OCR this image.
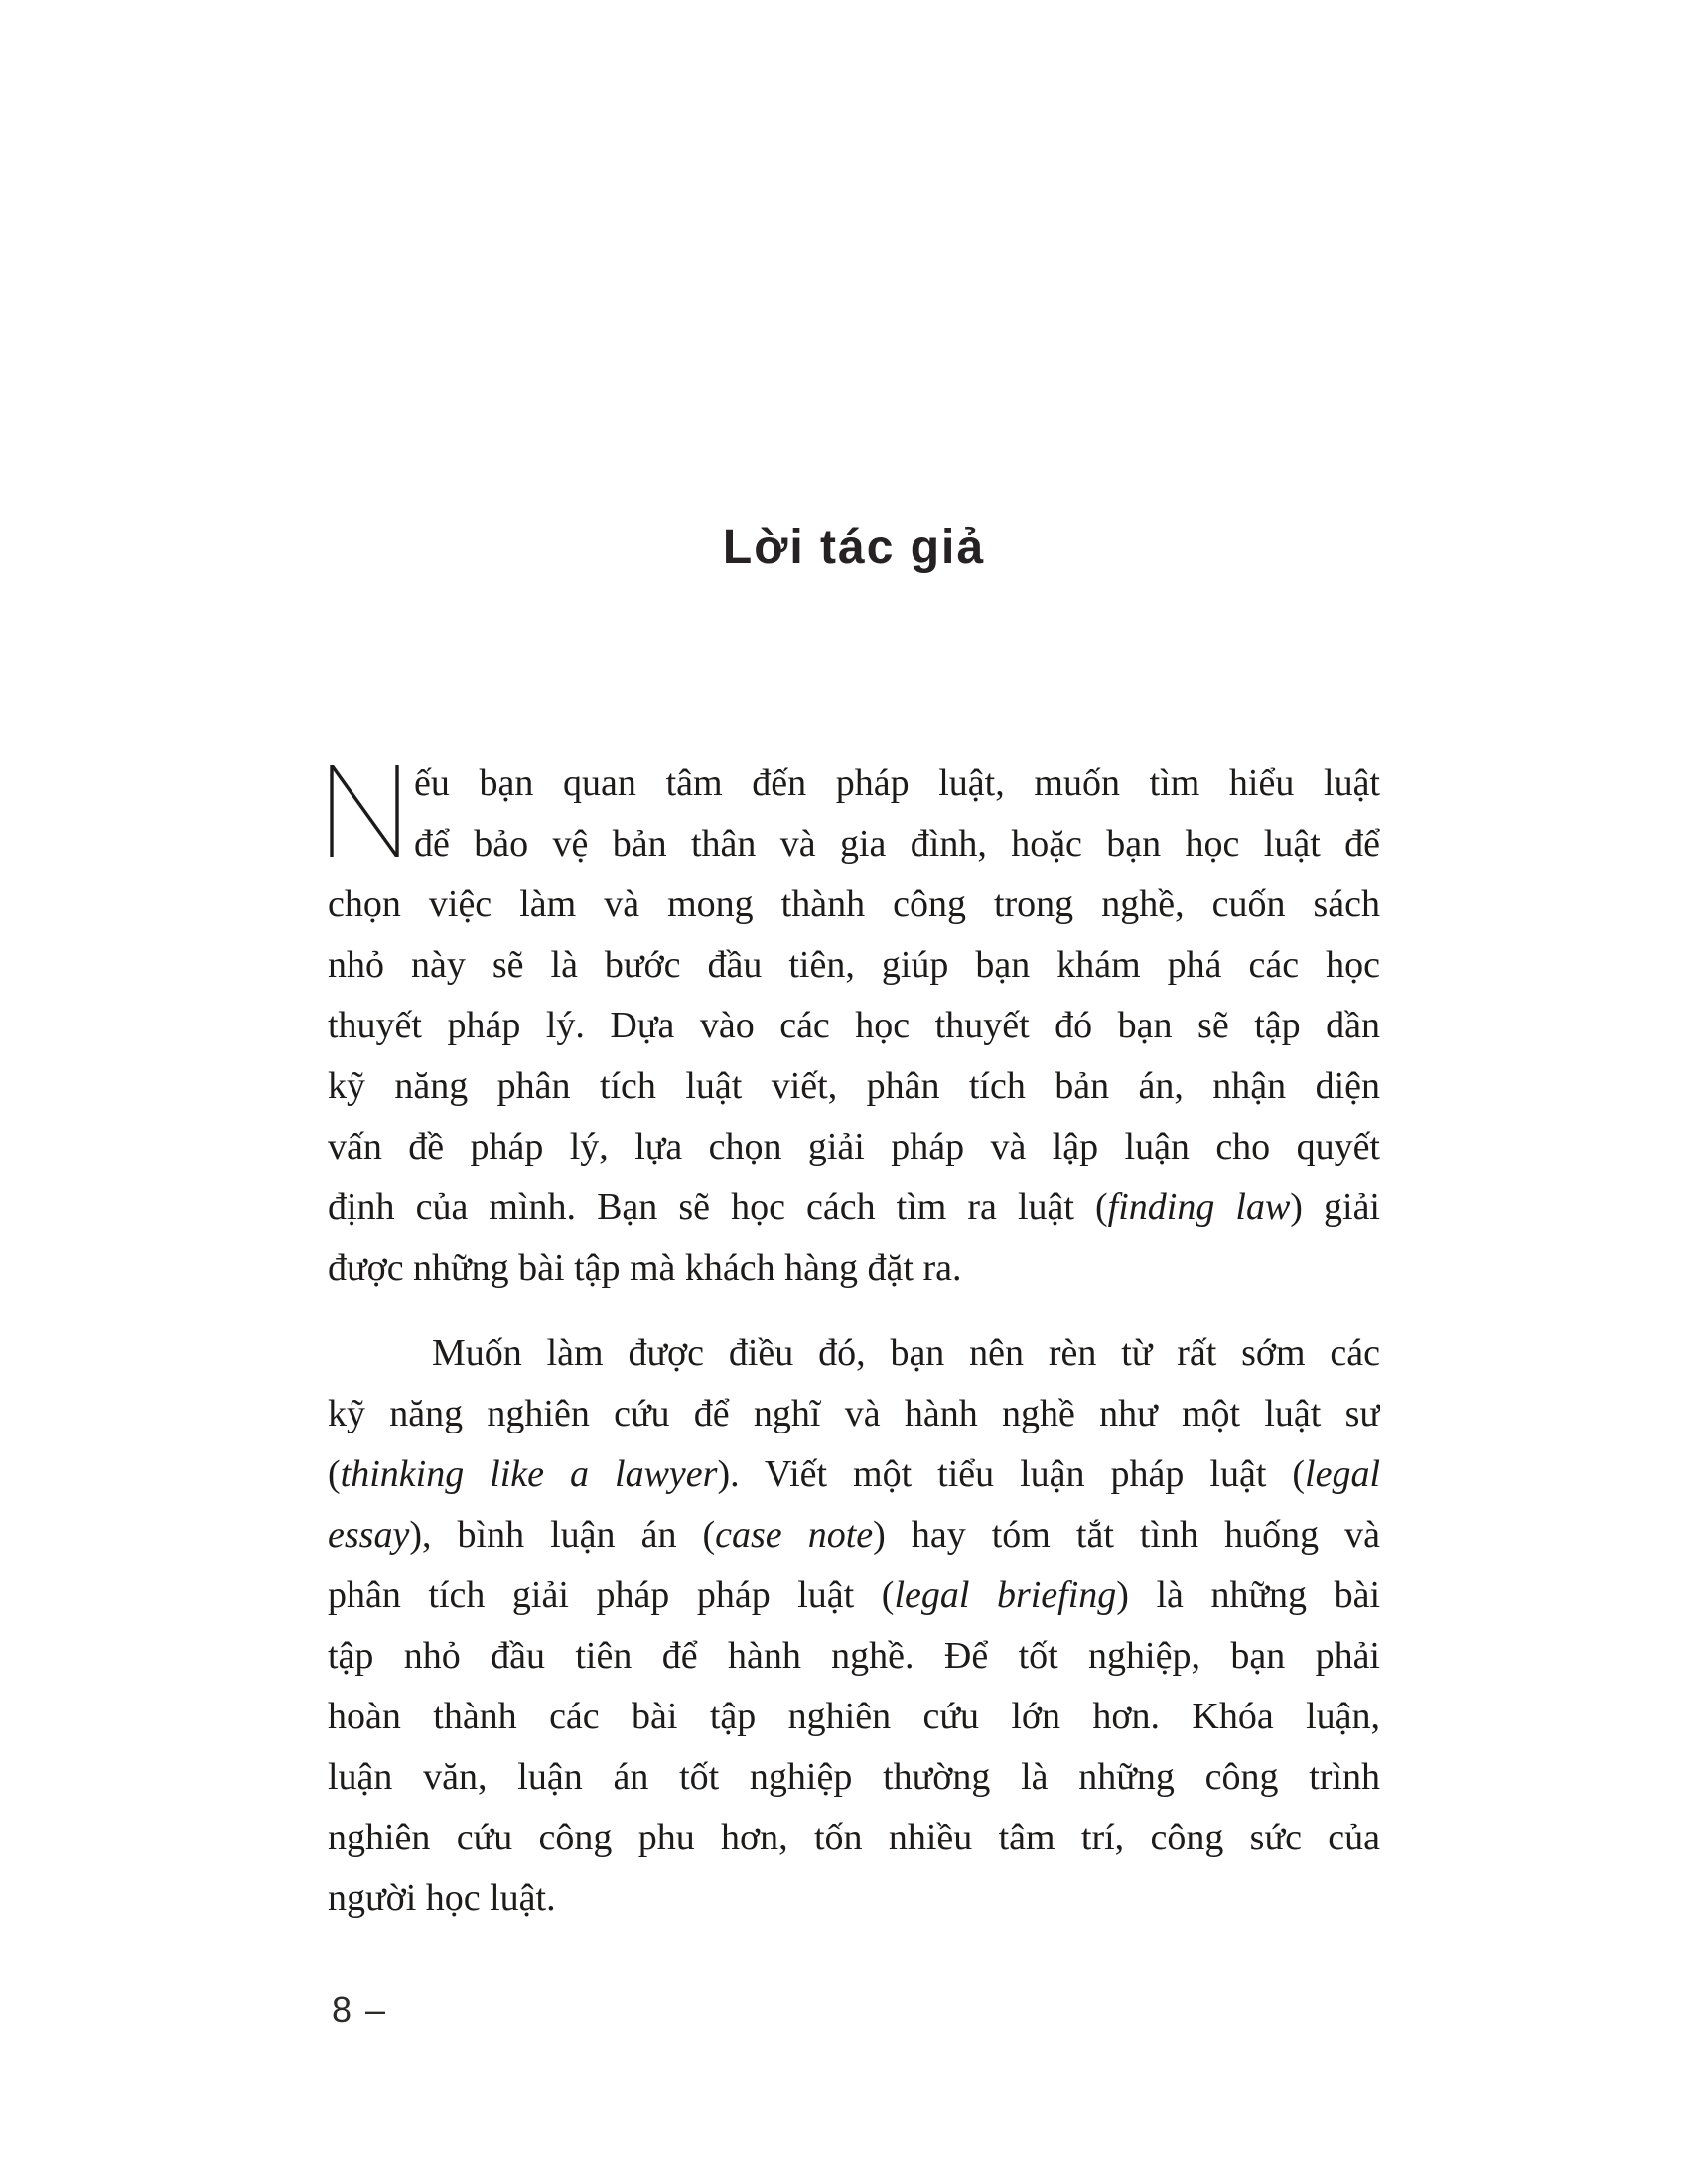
Lời tác giả
ếu bạn quan tâm đến pháp luật, muốn tìm hiểu luật
để bảo vệ bản thân và gia đình, hoặc bạn học luật để
chọn việc làm và mong thành công trong nghề, cuốn sách
nhỏ này sẽ là bước đầu tiên, giúp bạn khám phá các học
thuyết pháp lý. Dựa vào các học thuyết đó bạn sẽ tập dần
kỹ năng phân tích luật viết, phân tích bản án, nhận diện
vấn đề pháp lý, lựa chọn giải pháp và lập luận cho quyết
định của mình. Bạn sẽ học cách tìm ra luật (finding law) giải
được những bài tập mà khách hàng đặt ra.
Muốn làm được điều đó, bạn nên rèn từ rất sớm các
kỹ năng nghiên cứu để nghĩ và hành nghề như một luật sư
(thinking like a lawyer). Viết một tiểu luận pháp luật (legal
essay), bình luận án (case note) hay tóm tắt tình huống và
phân tích giải pháp pháp luật (legal briefing) là những bài
tập nhỏ đầu tiên để hành nghề. Để tốt nghiệp, bạn phải
hoàn thành các bài tập nghiên cứu lớn hơn. Khóa luận,
luận văn, luận án tốt nghiệp thường là những công trình
nghiên cứu công phu hơn, tốn nhiều tâm trí, công sức của
người học luật.
8 –
